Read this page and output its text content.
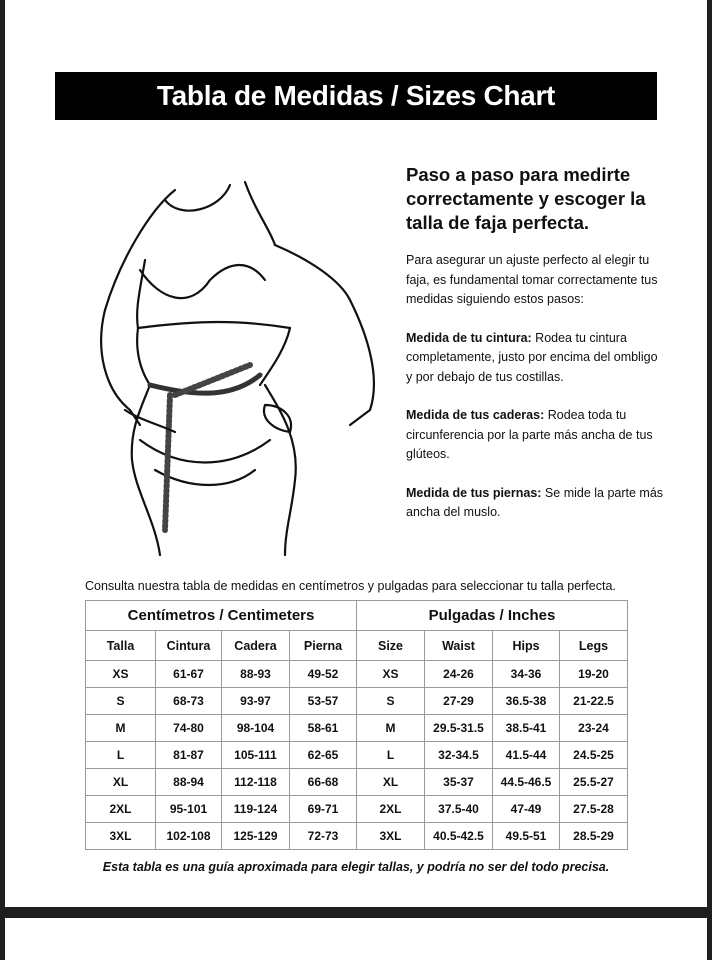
Tabla de Medidas / Sizes Chart
Paso a paso para medirte correctamente y escoger la talla de faja perfecta.

Para asegurar un ajuste perfecto al elegir tu faja, es fundamental tomar correctamente tus medidas siguiendo estos pasos:

Medida de tu cintura: Rodea tu cintura completamente, justo por encima del ombligo y por debajo de tus costillas.

Medida de tus caderas: Rodea toda tu circunferencia por la parte más ancha de tus glúteos.

Medida de tus piernas: Se mide la parte más ancha del muslo.

Consulta nuestra tabla de medidas en centímetros y pulgadas para seleccionar tu talla perfecta.
Centímetros / Centimeters				Pulgadas / Inches			
Talla	Cintura	Cadera	Pierna	Size	Waist	Hips	Legs
XS	61-67	88-93	49-52	XS	24-26	34-36	19-20
S	68-73	93-97	53-57	S	27-29	36.5-38	21-22.5
M	74-80	98-104	58-61	M	29.5-31.5	38.5-41	23-24
L	81-87	105-111	62-65	L	32-34.5	41.5-44	24.5-25
XL	88-94	112-118	66-68	XL	35-37	44.5-46.5	25.5-27
2XL	95-101	119-124	69-71	2XL	37.5-40	47-49	27.5-28
3XL	102-108	125-129	72-73	3XL	40.5-42.5	49.5-51	28.5-29
Esta tabla es una guía aproximada para elegir tallas, y podría no ser del todo precisa.
